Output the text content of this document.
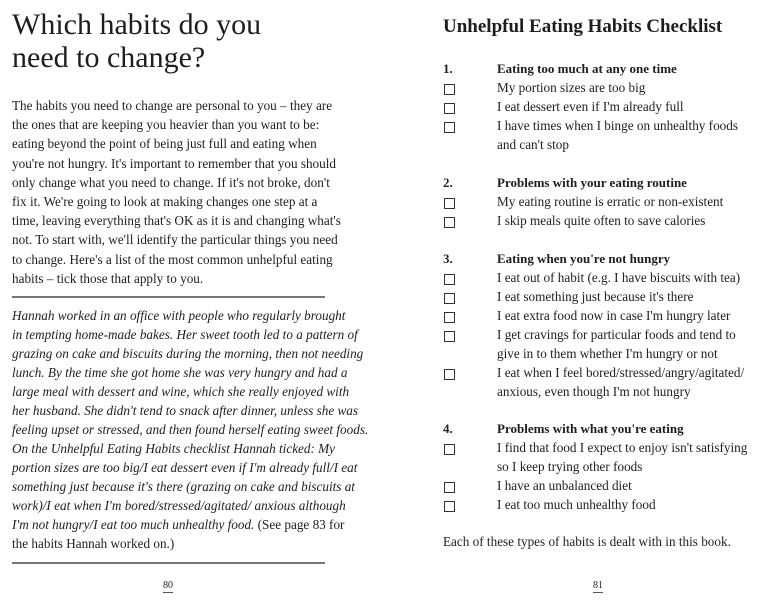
Which habits do you
need to change?
The habits you need to change are personal to you – they are
the ones that are keeping you heavier than you want to be:
eating beyond the point of being just full and eating when
you're not hungry. It's important to remember that you should
only change what you need to change. If it's not broke, don't
fix it. We're going to look at making changes one step at a
time, leaving everything that's OK as it is and changing what's
not. To start with, we'll identify the particular things you need
to change. Here's a list of the most common unhelpful eating
habits – tick those that apply to you.
Hannah worked in an office with people who regularly brought
in tempting home-made bakes. Her sweet tooth led to a pattern of
grazing on cake and biscuits during the morning, then not needing
lunch. By the time she got home she was very hungry and had a
large meal with dessert and wine, which she really enjoyed with
her husband. She didn't tend to snack after dinner, unless she was
feeling upset or stressed, and then found herself eating sweet foods.
On the Unhelpful Eating Habits checklist Hannah ticked: My
portion sizes are too big/I eat dessert even if I'm already full/I eat
something just because it's there (grazing on cake and biscuits at
work)/I eat when I'm bored/stressed/agitated/ anxious although
I'm not hungry/I eat too much unhealthy food. (See page 83 for
the habits Hannah worked on.)
80
Unhelpful Eating Habits Checklist
1.	Eating too much at any one time
My portion sizes are too big
I eat dessert even if I'm already full
I have times when I binge on unhealthy foods
and can't stop
2.	Problems with your eating routine
My eating routine is erratic or non-existent
I skip meals quite often to save calories
3.	Eating when you're not hungry
I eat out of habit (e.g. I have biscuits with tea)
I eat something just because it's there
I eat extra food now in case I'm hungry later
I get cravings for particular foods and tend to
give in to them whether I'm hungry or not
I eat when I feel bored/stressed/angry/agitated/
anxious, even though I'm not hungry
4.	Problems with what you're eating
I find that food I expect to enjoy isn't satisfying
so I keep trying other foods
I have an unbalanced diet
I eat too much unhealthy food
Each of these types of habits is dealt with in this book.
81
